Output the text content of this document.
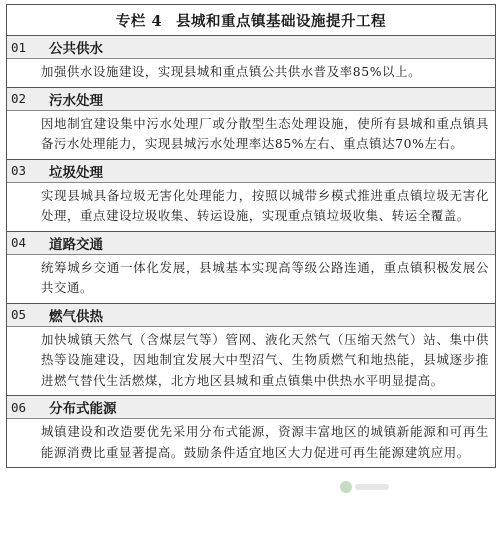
专栏 4 县城和重点镇基础设施提升工程
01	公共供水
加强供水设施建设，实现县城和重点镇公共供水普及率85%以上。
02	污水处理
因地制宜建设集中污水处理厂或分散型生态处理设施，使所有县城和重点镇具备污水处理能力，实现县城污水处理率达85%左右、重点镇达70%左右。
03	垃圾处理
实现县城具备垃圾无害化处理能力，按照以城带乡模式推进重点镇垃圾无害化处理，重点建设垃圾收集、转运设施，实现重点镇垃圾收集、转运全覆盖。
04	道路交通
统筹城乡交通一体化发展，县城基本实现高等级公路连通，重点镇积极发展公共交通。
05	燃气供热
加快城镇天然气（含煤层气等）管网、液化天然气（压缩天然气）站、集中供热等设施建设，因地制宜发展大中型沼气、生物质燃气和地热能，县城逐步推进燃气替代生活燃煤，北方地区县城和重点镇集中供热水平明显提高。
06	分布式能源
城镇建设和改造要优先采用分布式能源，资源丰富地区的城镇新能源和可再生能源消费比重显著提高。鼓励条件适宜地区大力促进可再生能源建筑应用。
